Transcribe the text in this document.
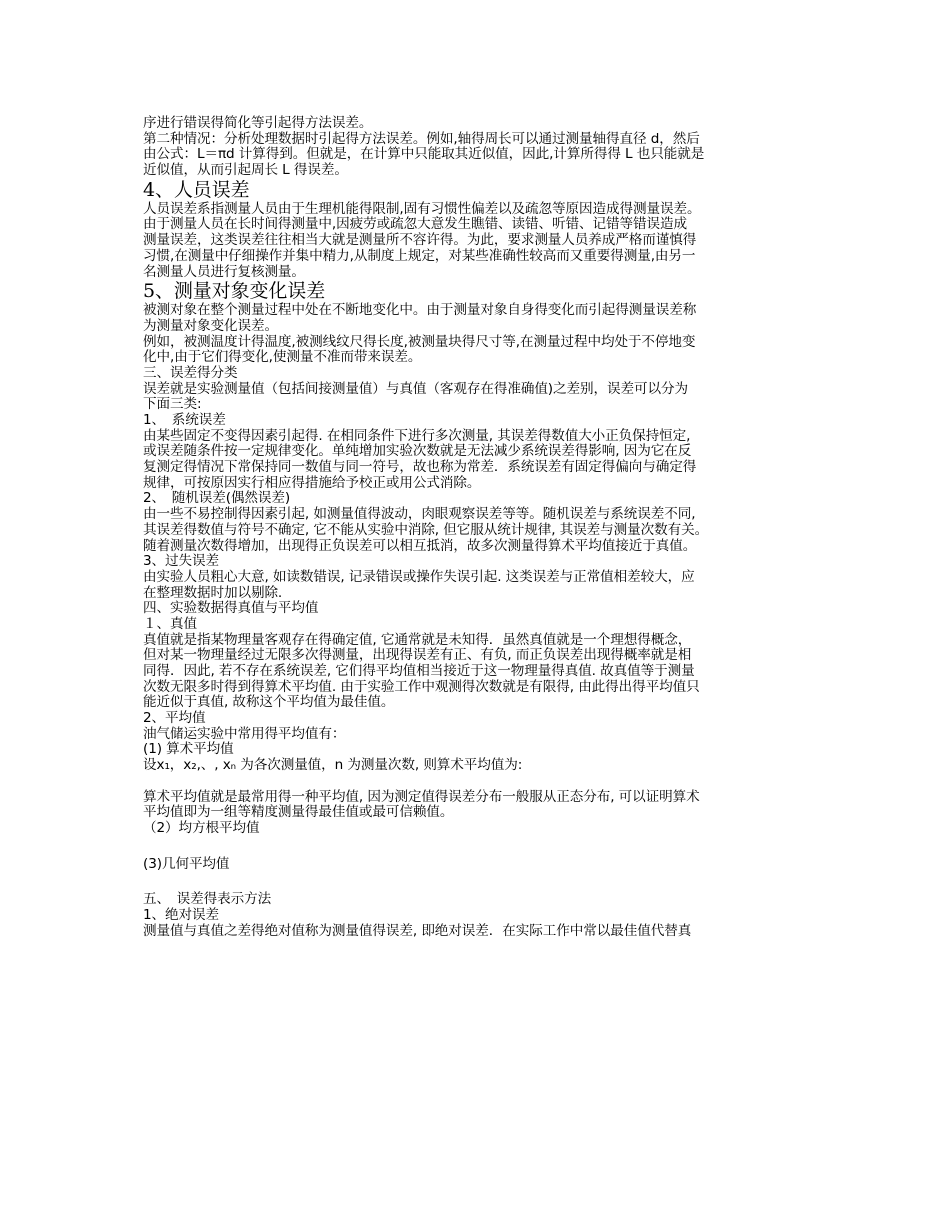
序进行错误得简化等引起得方法误差。
第二种情况：分析处理数据时引起得方法误差。例如,轴得周长可以通过测量轴得直径 d，然后
由公式：L＝πd 计算得到。但就是，在计算中只能取其近似值，因此,计算所得得 L 也只能就是
近似值，从而引起周长 L 得误差。
4、人员误差
人员误差系指测量人员由于生理机能得限制,固有习惯性偏差以及疏忽等原因造成得测量误差。
由于测量人员在长时间得测量中,因疲劳或疏忽大意发生瞧错、读错、听错、记错等错误造成
测量误差，这类误差往往相当大就是测量所不容许得。为此，要求测量人员养成严格而谨慎得
习惯,在测量中仔细操作并集中精力,从制度上规定，对某些准确性较高而又重要得测量,由另一
名测量人员进行复核测量。
5、测量对象变化误差
被测对象在整个测量过程中处在不断地变化中。由于测量对象自身得变化而引起得测量误差称
为测量对象变化误差。
例如，被测温度计得温度,被测线纹尺得长度,被测量块得尺寸等,在测量过程中均处于不停地变
化中,由于它们得变化,使测量不准而带来误差。
三、误差得分类
误差就是实验测量值（包括间接测量值）与真值（客观存在得准确值)之差别，误差可以分为
下面三类:
1、　系统误差
由某些固定不变得因素引起得. 在相同条件下进行多次测量, 其误差得数值大小正负保持恒定,
或误差随条件按一定规律变化。单纯增加实验次数就是无法减少系统误差得影响, 因为它在反
复测定得情况下常保持同一数值与同一符号，故也称为常差．系统误差有固定得偏向与确定得
规律，可按原因实行相应得措施给予校正或用公式消除。
2、　随机误差(偶然误差)
由一些不易控制得因素引起, 如测量值得波动，肉眼观察误差等等。随机误差与系统误差不同,
其误差得数值与符号不确定, 它不能从实验中消除, 但它服从统计规律, 其误差与测量次数有关。
随着测量次数得增加，出现得正负误差可以相互抵消，故多次测量得算术平均值接近于真值。
3、过失误差
由实验人员粗心大意, 如读数错误, 记录错误或操作失误引起. 这类误差与正常值相差较大，应
在整理数据时加以剔除.
四、实验数据得真值与平均值
１、真值
真值就是指某物理量客观存在得确定值, 它通常就是未知得．虽然真值就是一个理想得概念，
但对某一物理量经过无限多次得测量，出现得误差有正、有负, 而正负误差出现得概率就是相
同得．因此, 若不存在系统误差, 它们得平均值相当接近于这一物理量得真值. 故真值等于测量
次数无限多时得到得算术平均值. 由于实验工作中观测得次数就是有限得, 由此得出得平均值只
能近似于真值, 故称这个平均值为最佳值。
2、平均值
油气储运实验中常用得平均值有：
(1) 算术平均值
设x₁，x₂,、, xₙ 为各次测量值，n 为测量次数, 则算术平均值为:
算术平均值就是最常用得一种平均值, 因为测定值得误差分布一般服从正态分布, 可以证明算术
平均值即为一组等精度测量得最佳值或最可信赖值。
（2）均方根平均值
(3)几何平均值
五、　误差得表示方法
1、绝对误差
测量值与真值之差得绝对值称为测量值得误差, 即绝对误差．在实际工作中常以最佳值代替真
